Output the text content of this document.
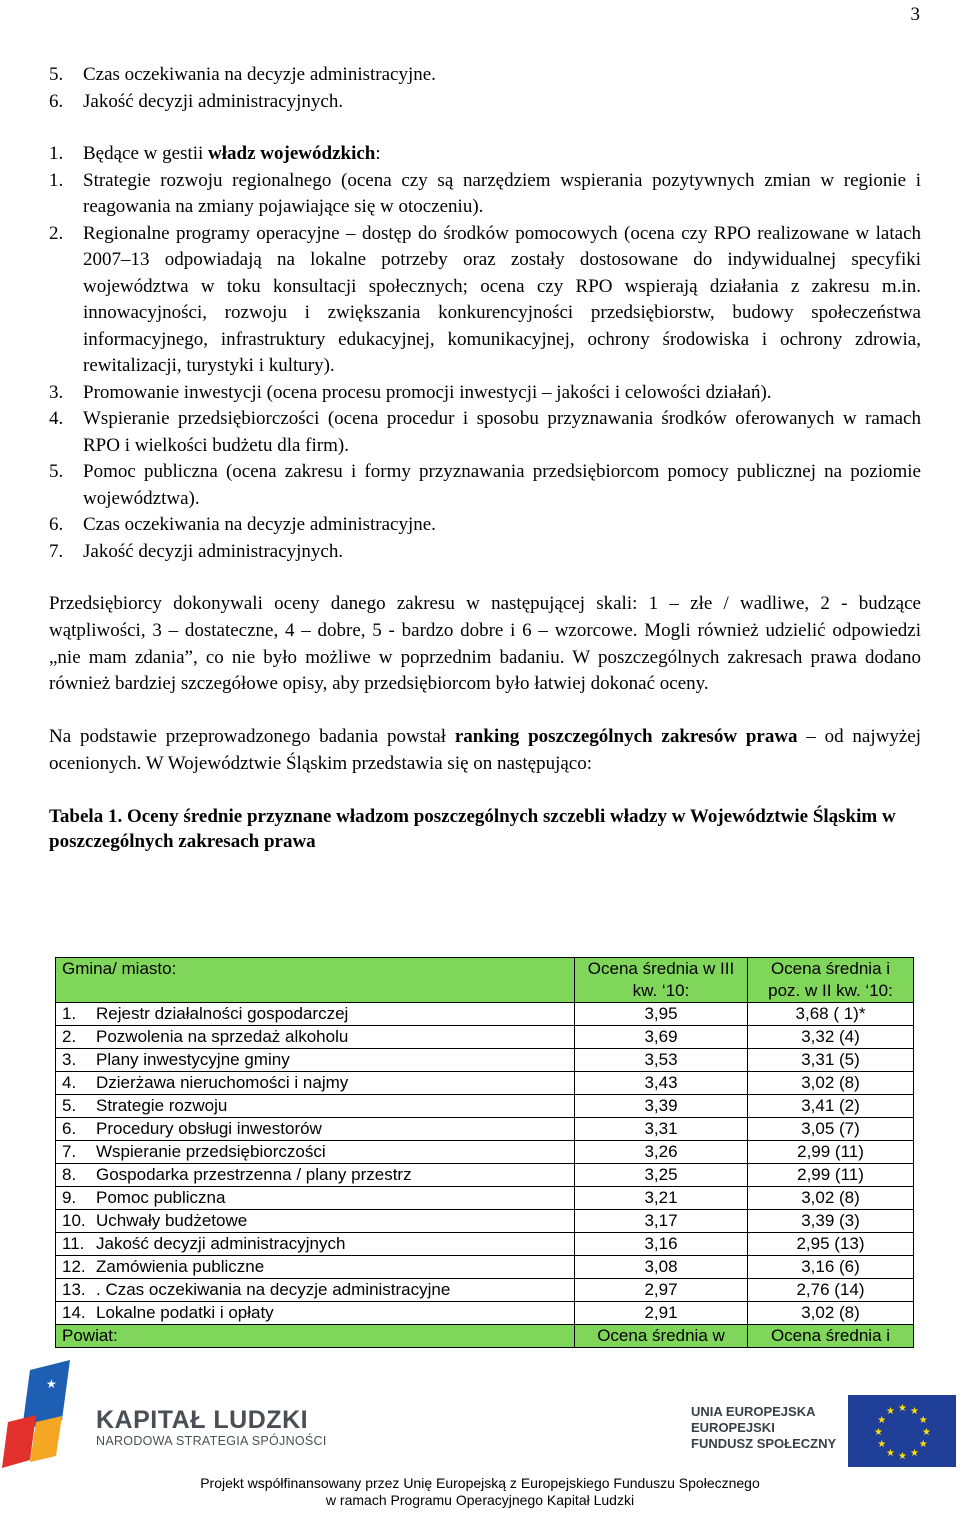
3
5. Czas oczekiwania na decyzje administracyjne.
6. Jakość decyzji administracyjnych.
1. Będące w gestii władz wojewódzkich:
1. Strategie rozwoju regionalnego (ocena czy są narzędziem wspierania pozytywnych zmian w regionie i reagowania na zmiany pojawiające się w otoczeniu).
2. Regionalne programy operacyjne – dostęp do środków pomocowych (ocena czy RPO realizowane w latach 2007–13 odpowiadają na lokalne potrzeby oraz zostały dostosowane do indywidualnej specyfiki województwa w toku konsultacji społecznych; ocena czy RPO wspierają działania z zakresu m.in. innowacyjności, rozwoju i zwiększania konkurencyjności przedsiębiorstw, budowy społeczeństwa informacyjnego, infrastruktury edukacyjnej, komunikacyjnej, ochrony środowiska i ochrony zdrowia, rewitalizacji, turystyki i kultury).
3. Promowanie inwestycji (ocena procesu promocji inwestycji – jakości i celowości działań).
4. Wspieranie przedsiębiorczości (ocena procedur i sposobu przyznawania środków oferowanych w ramach RPO i wielkości budżetu dla firm).
5. Pomoc publiczna (ocena zakresu i formy przyznawania przedsiębiorcom pomocy publicznej na poziomie województwa).
6. Czas oczekiwania na decyzje administracyjne.
7. Jakość decyzji administracyjnych.

Przedsiębiorcy dokonywali oceny danego zakresu w następującej skali: 1 – złe / wadliwe, 2 - budzące wątpliwości, 3 – dostateczne, 4 – dobre, 5 - bardzo dobre i 6 – wzorcowe. Mogli również udzielić odpowiedzi „nie mam zdania”, co nie było możliwe w poprzednim badaniu. W poszczególnych zakresach prawa dodano również bardziej szczegółowe opisy, aby przedsiębiorcom było łatwiej dokonać oceny.

Na podstawie przeprowadzonego badania powstał ranking poszczególnych zakresów prawa – od najwyżej ocenionych. W Województwie Śląskim przedstawia się on następująco:

Tabela 1. Oceny średnie przyznane władzom poszczególnych szczebli władzy w Województwie Śląskim w poszczególnych zakresach prawa

Gmina/ miasto:	Ocena średnia w III kw. ‘10:	Ocena średnia i poz. w II kw. ‘10:
1. Rejestr działalności gospodarczej	3,95	3,68 ( 1)*
2. Pozwolenia na sprzedaż alkoholu	3,69	3,32 (4)
3. Plany inwestycyjne gminy	3,53	3,31 (5)
4. Dzierżawa nieruchomości i najmy	3,43	3,02 (8)
5. Strategie rozwoju	3,39	3,41 (2)
6. Procedury obsługi inwestorów	3,31	3,05 (7)
7. Wspieranie przedsiębiorczości	3,26	2,99 (11)
8. Gospodarka przestrzenna / plany przestrz	3,25	2,99 (11)
9. Pomoc publiczna	3,21	3,02 (8)
10. Uchwały budżetowe	3,17	3,39 (3)
11. Jakość decyzji administracyjnych	3,16	2,95 (13)
12. Zamówienia publiczne	3,08	3,16 (6)
13. . Czas oczekiwania na decyzje administracyjne	2,97	2,76 (14)
14. Lokalne podatki i opłaty	2,91	3,02 (8)
Powiat:	Ocena średnia w	Ocena średnia i
★
KAPITAŁ LUDZKI
NARODOWA STRATEGIA SPÓJNOŚCI
UNIA EUROPEJSKA
EUROPEJSKI
FUNDUSZ SPOŁECZNY
★ ★
★
★
★
★
★
★
★
★
★
★
Projekt współfinansowany przez Unię Europejską z Europejskiego Funduszu Społecznego
w ramach Programu Operacyjnego Kapitał Ludzki
